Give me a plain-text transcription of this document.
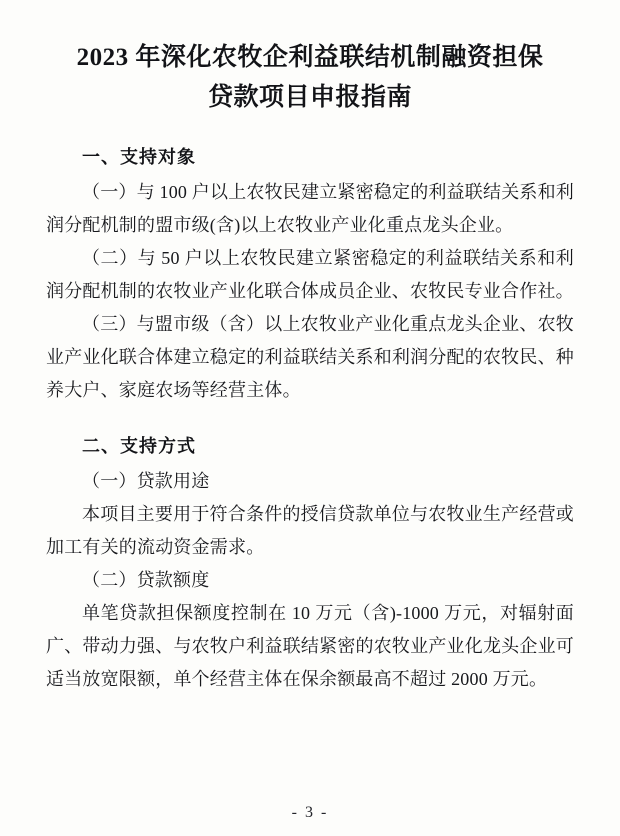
2023 年深化农牧企利益联结机制融资担保
贷款项目申报指南
一、支持对象

（一）与 100 户以上农牧民建立紧密稳定的利益联结关系和利润分配机制的盟市级(含)以上农牧业产业化重点龙头企业。

（二）与 50 户以上农牧民建立紧密稳定的利益联结关系和利润分配机制的农牧业产业化联合体成员企业、农牧民专业合作社。

（三）与盟市级（含）以上农牧业产业化重点龙头企业、农牧业产业化联合体建立稳定的利益联结关系和利润分配的农牧民、种养大户、家庭农场等经营主体。

二、支持方式

（一）贷款用途

本项目主要用于符合条件的授信贷款单位与农牧业生产经营或加工有关的流动资金需求。

（二）贷款额度

单笔贷款担保额度控制在 10 万元（含)-1000 万元，对辐射面广、带动力强、与农牧户利益联结紧密的农牧业产业化龙头企业可适当放宽限额，单个经营主体在保余额最高不超过 2000 万元。

- 3 -
